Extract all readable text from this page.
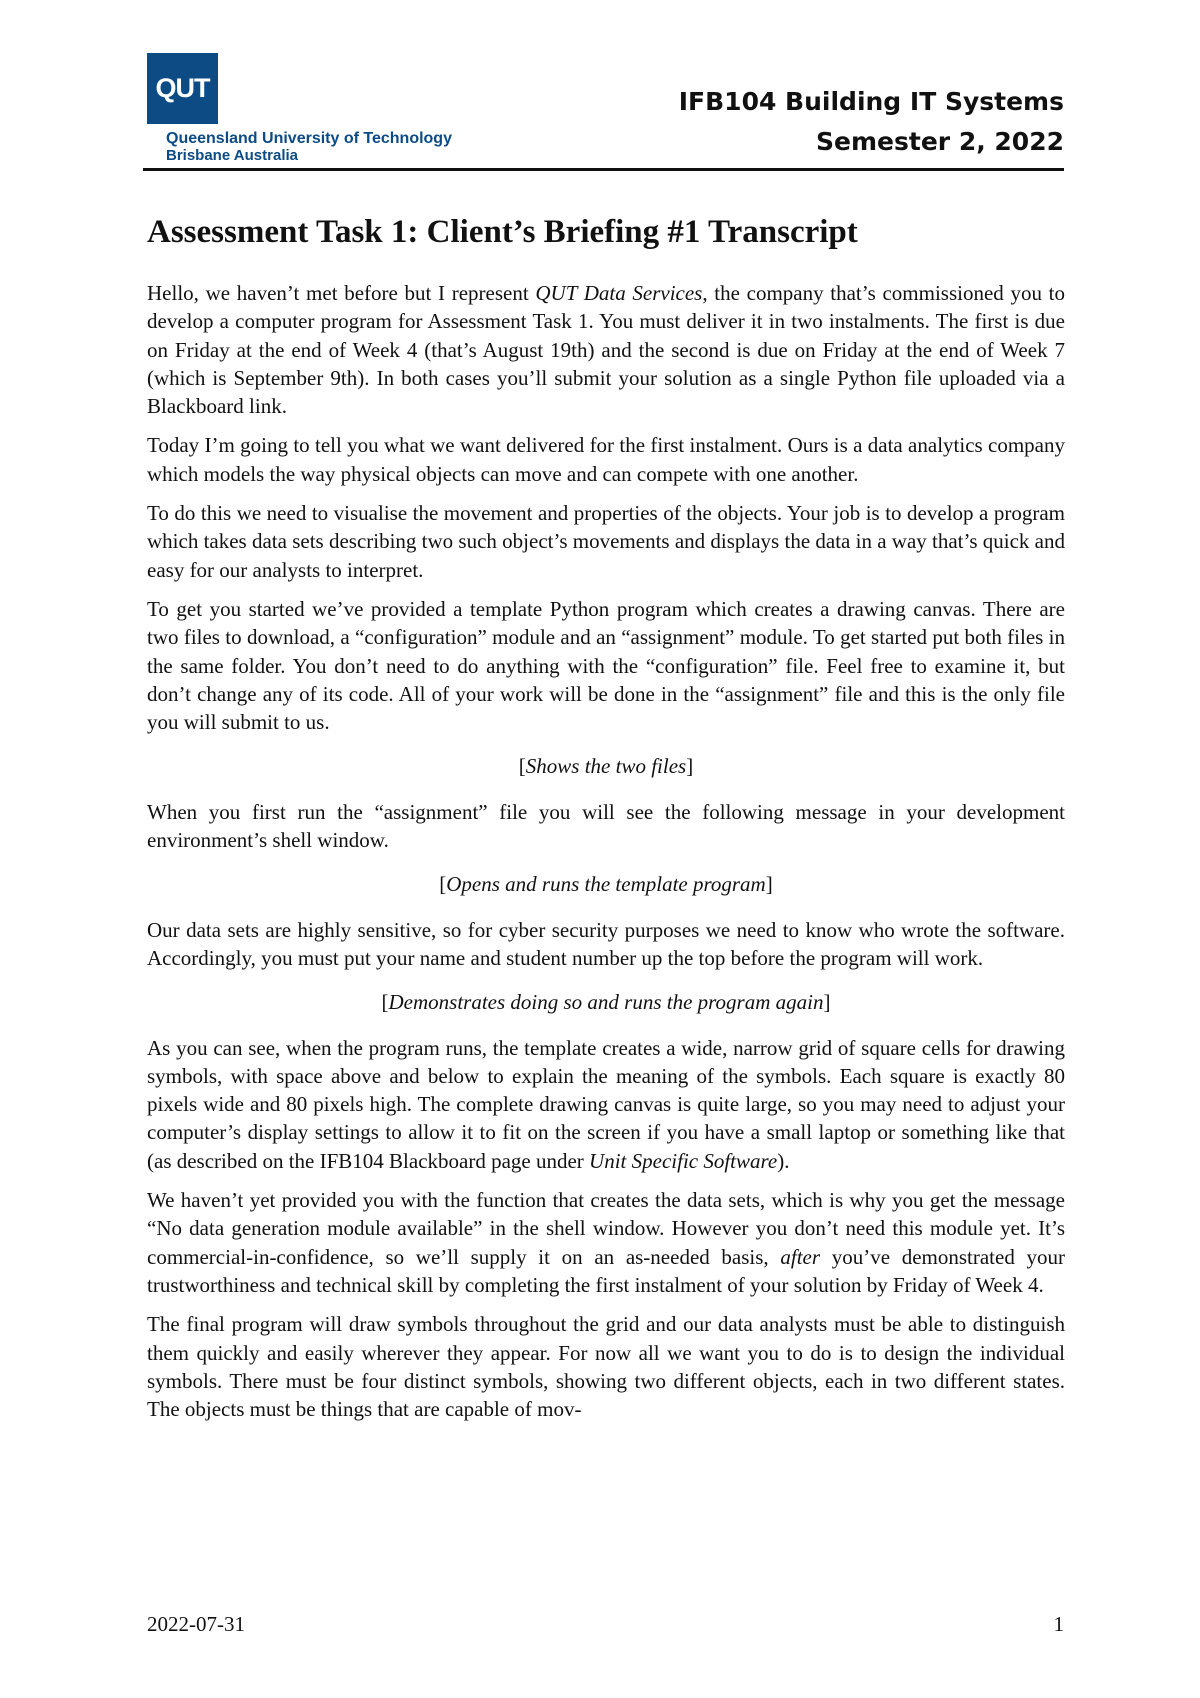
QUT
Queensland University of Technology
Brisbane Australia
IFB104 Building IT Systems
Semester 2, 2022
Assessment Task 1: Client’s Briefing #1 Transcript

Hello, we haven’t met before but I represent QUT Data Services, the company that’s commissioned you to develop a computer program for Assessment Task 1. You must deliver it in two instalments. The first is due on Friday at the end of Week 4 (that’s August 19th) and the second is due on Friday at the end of Week 7 (which is September 9th). In both cases you’ll submit your solution as a single Python file uploaded via a Blackboard link.

Today I’m going to tell you what we want delivered for the first instalment. Ours is a data analytics company which models the way physical objects can move and can compete with one another.

To do this we need to visualise the movement and properties of the objects. Your job is to develop a program which takes data sets describing two such object’s movements and displays the data in a way that’s quick and easy for our analysts to interpret.

To get you started we’ve provided a template Python program which creates a drawing canvas. There are two files to download, a “configuration” module and an “assignment” module. To get started put both files in the same folder. You don’t need to do anything with the “configuration” file. Feel free to examine it, but don’t change any of its code. All of your work will be done in the “assignment” file and this is the only file you will submit to us.

[Shows the two files]

When you first run the “assignment” file you will see the following message in your development environment’s shell window.

[Opens and runs the template program]

Our data sets are highly sensitive, so for cyber security purposes we need to know who wrote the software. Accordingly, you must put your name and student number up the top before the program will work.

[Demonstrates doing so and runs the program again]

As you can see, when the program runs, the template creates a wide, narrow grid of square cells for drawing symbols, with space above and below to explain the meaning of the symbols. Each square is exactly 80 pixels wide and 80 pixels high. The complete drawing canvas is quite large, so you may need to adjust your computer’s display settings to allow it to fit on the screen if you have a small laptop or something like that (as described on the IFB104 Blackboard page under Unit Specific Software).

We haven’t yet provided you with the function that creates the data sets, which is why you get the message “No data generation module available” in the shell window. However you don’t need this module yet. It’s commercial-in-confidence, so we’ll supply it on an as-needed basis, after you’ve demonstrated your trustworthiness and technical skill by completing the first instalment of your solution by Friday of Week 4.

The final program will draw symbols throughout the grid and our data analysts must be able to distinguish them quickly and easily wherever they appear. For now all we want you to do is to design the individual symbols. There must be four distinct symbols, showing two different objects, each in two different states. The objects must be things that are capable of mov-

2022-07-31	1
